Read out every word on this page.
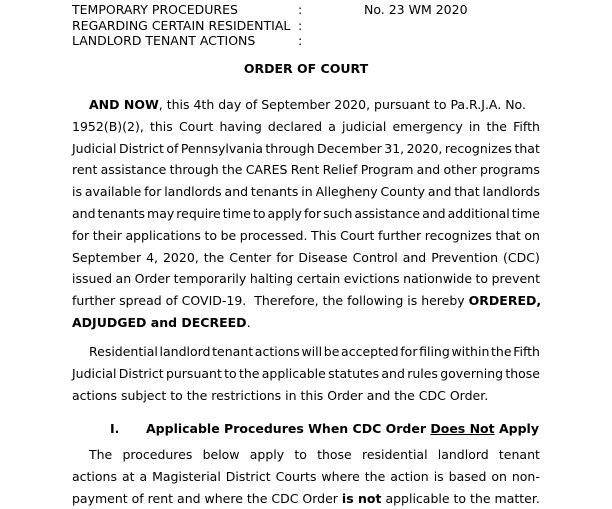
TEMPORARY PROCEDURES	:	No. 23 WM 2020
REGARDING CERTAIN RESIDENTIAL :
LANDLORD TENANT ACTIONS	:
ORDER OF COURT
AND NOW, this 4th day of September 2020, pursuant to Pa.R.J.A. No.
1952(B)(2), this Court having declared a judicial emergency in the Fifth
Judicial District of Pennsylvania through December 31, 2020, recognizes that
rent assistance through the CARES Rent Relief Program and other programs
is available for landlords and tenants in Allegheny County and that landlords
and tenants may require time to apply for such assistance and additional time
for their applications to be processed. This Court further recognizes that on
September 4, 2020, the Center for Disease Control and Prevention (CDC)
issued an Order temporarily halting certain evictions nationwide to prevent
further spread of COVID-19.  Therefore, the following is hereby ORDERED,
ADJUDGED and DECREED.
Residential landlord tenant actions will be accepted for filing within the Fifth
Judicial District pursuant to the applicable statutes and rules governing those
actions subject to the restrictions in this Order and the CDC Order.
I. Applicable Procedures When CDC Order Does Not Apply
The procedures below apply to those residential landlord tenant
actions at a Magisterial District Courts where the action is based on non-
payment of rent and where the CDC Order is not applicable to the matter.
